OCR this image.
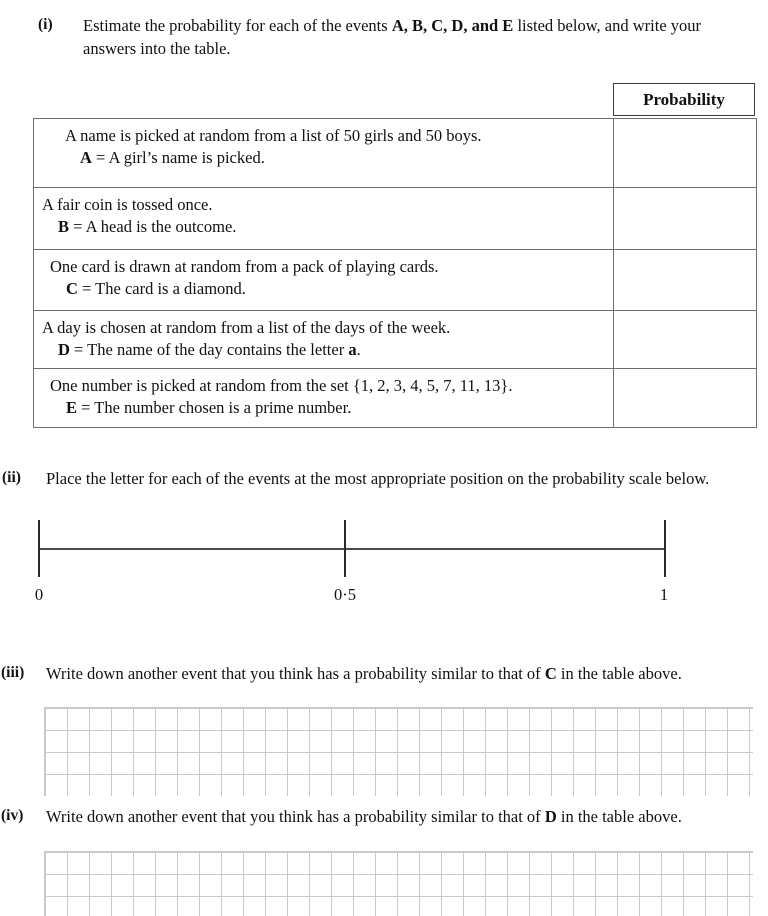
(i)	Estimate the probability for each of the events A, B, C, D, and E listed below, and write your answers into the table.
Probability
A name is picked at random from a list of 50 girls and 50 boys.
A = A girl’s name is picked.
A fair coin is tossed once.
B = A head is the outcome.
One card is drawn at random from a pack of playing cards.
C = The card is a diamond.
A day is chosen at random from a list of the days of the week.
D = The name of the day contains the letter a.
One number is picked at random from the set {1, 2, 3, 4, 5, 7, 11, 13}.
E = The number chosen is a prime number.
(ii)	Place the letter for each of the events at the most appropriate position on the probability scale below.
0	0·5	1
(iii)	Write down another event that you think has a probability similar to that of C in the table above.
(iv)	Write down another event that you think has a probability similar to that of D in the table above.
